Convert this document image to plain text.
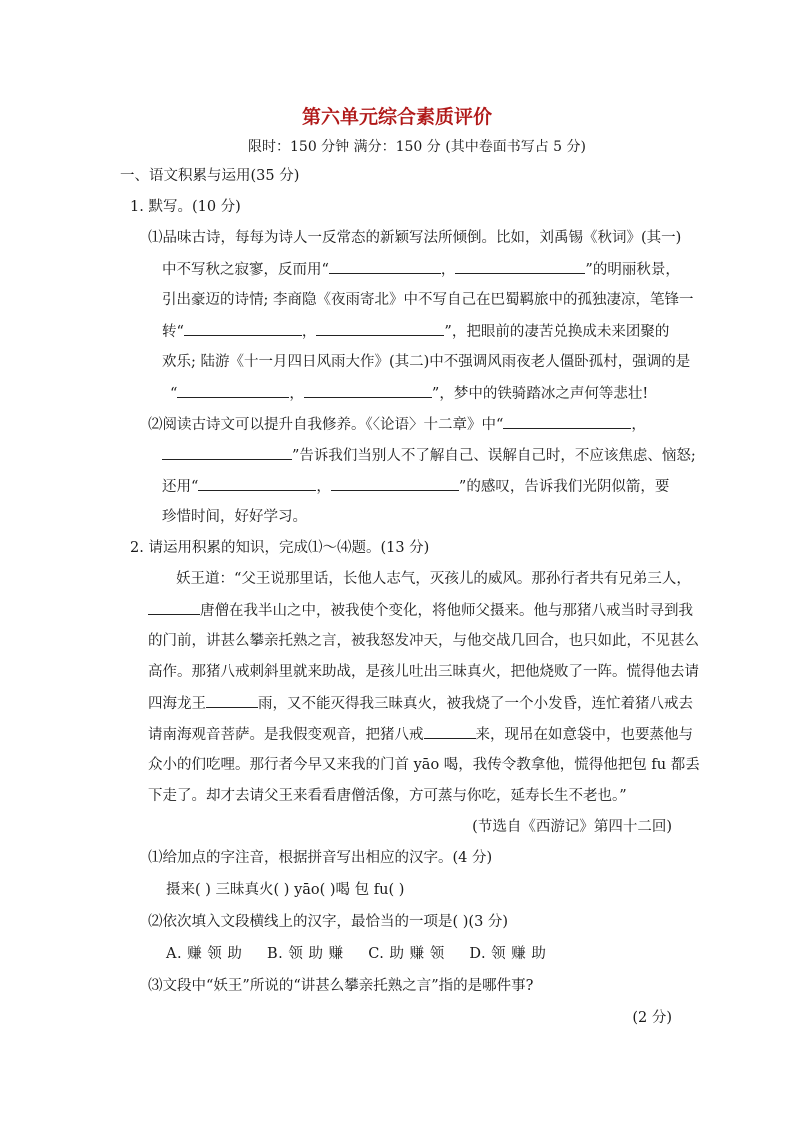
第六单元综合素质评价
限时：150 分钟 满分：150 分 (其中卷面书写占 5 分)
一、语文积累与运用(35 分)
1. 默写。(10 分)
⑴品味古诗，每每为诗人一反常态的新颖写法所倾倒。比如，刘禹锡《秋词》(其一)
中不写秋之寂寥，反而用“	，	”的明丽秋景，
引出豪迈的诗情; 李商隐《夜雨寄北》中不写自己在巴蜀羁旅中的孤独凄凉，笔锋一
转“	，	”，把眼前的凄苦兑换成未来团聚的
欢乐; 陆游《十一月四日风雨大作》(其二)中不强调风雨夜老人僵卧孤村，强调的是
“	，	”，梦中的铁骑踏冰之声何等悲壮!
⑵阅读古诗文可以提升自我修养。《〈论语〉十二章》中“	，
”告诉我们当别人不了解自己、误解自己时，不应该焦虑、恼怒;
还用“	，	”的感叹，告诉我们光阴似箭，要
珍惜时间，好好学习。
2. 请运用积累的知识，完成⑴～⑷题。(13 分)
妖王道：“父王说那里话，长他人志气，灭孩儿的威风。那孙行者共有兄弟三人，
唐僧在我半山之中，被我使个变化，将他师父摄来。他与那猪八戒当时寻到我
的门前，讲甚么攀亲托熟之言，被我怒发冲天，与他交战几回合，也只如此，不见甚么
高作。那猪八戒刺斜里就来助战，是孩儿吐出三昧真火，把他烧败了一阵。慌得他去请
四海龙王	雨，又不能灭得我三昧真火，被我烧了一个小发昏，连忙着猪八戒去
请南海观音菩萨。是我假变观音，把猪八戒	来，现吊在如意袋中，也要蒸他与
众小的们吃哩。那行者今早又来我的门首 yāo 喝，我传令教拿他，慌得他把包 fu 都丢
下走了。却才去请父王来看看唐僧活像，方可蒸与你吃，延寿长生不老也。”
(节选自《西游记》第四十二回)
⑴给加点的字注音，根据拼音写出相应的汉字。(4 分)
摄来( ) 三昧真火( ) yāo( )喝 包 fu( )
⑵依次填入文段横线上的汉字，最恰当的一项是( )(3 分)
A. 赚 领 助 B. 领 助 赚 C. 助 赚 领 D. 领 赚 助
⑶文段中“妖王”所说的“讲甚么攀亲托熟之言”指的是哪件事?
(2 分)
